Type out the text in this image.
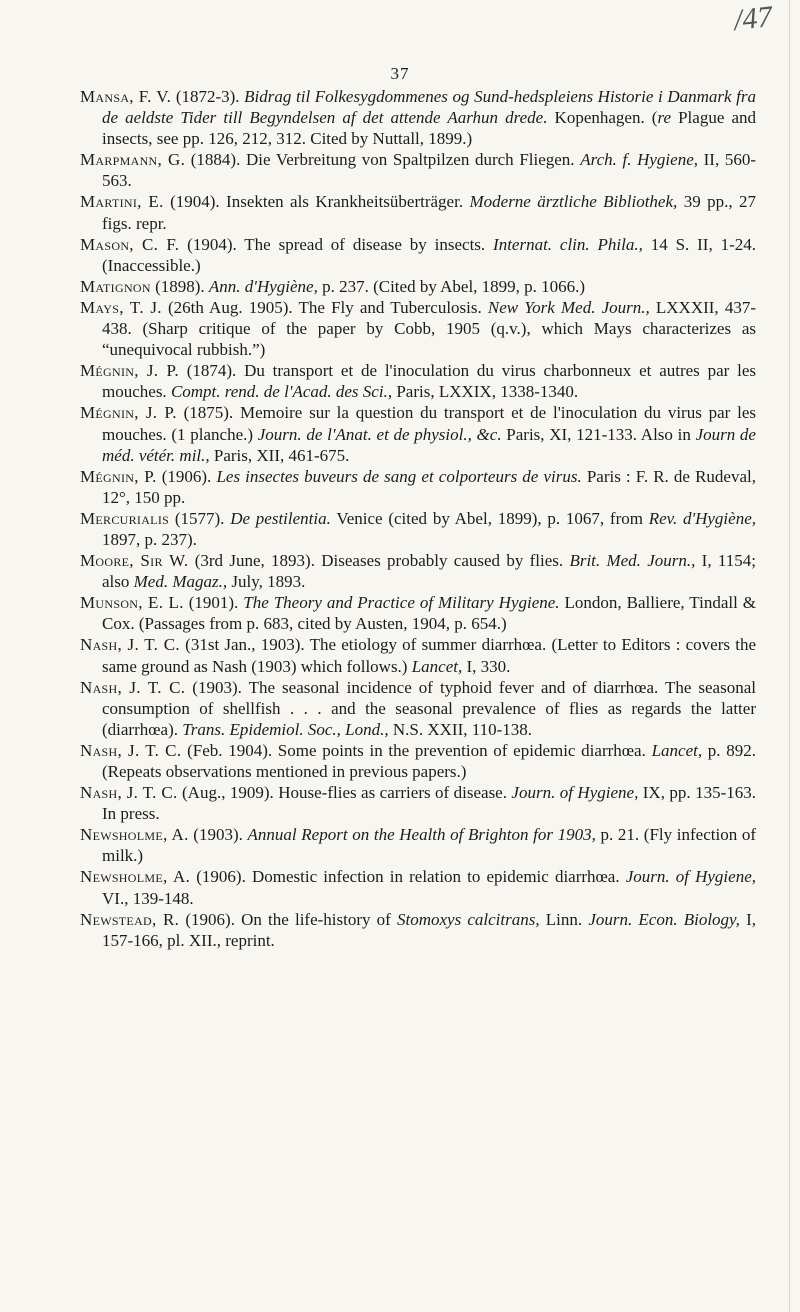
/47
37

Mansa, F. V. (1872-3). Bidrag til Folkesygdommenes og Sund-hedspleiens Historie i Danmark fra de aeldste Tider till Begyndelsen af det attende Aarhun drede. Kopenhagen. (re Plague and insects, see pp. 126, 212, 312. Cited by Nuttall, 1899.)

Marpmann, G. (1884). Die Verbreitung von Spaltpilzen durch Fliegen. Arch. f. Hygiene, II, 560-563.

Martini, E. (1904). Insekten als Krankheitsüberträger. Moderne ärztliche Bibliothek, 39 pp., 27 figs. repr.

Mason, C. F. (1904). The spread of disease by insects. Internat. clin. Phila., 14 S. II, 1-24. (Inaccessible.)

Matignon (1898). Ann. d'Hygiène, p. 237. (Cited by Abel, 1899, p. 1066.)

Mays, T. J. (26th Aug. 1905). The Fly and Tuberculosis. New York Med. Journ., LXXXII, 437-438. (Sharp critique of the paper by Cobb, 1905 (q.v.), which Mays characterizes as “unequivocal rubbish.”)

Mégnin, J. P. (1874). Du transport et de l'inoculation du virus charbonneux et autres par les mouches. Compt. rend. de l'Acad. des Sci., Paris, LXXIX, 1338-1340.

Mégnin, J. P. (1875). Memoire sur la question du transport et de l'inoculation du virus par les mouches. (1 planche.) Journ. de l'Anat. et de physiol., &c. Paris, XI, 121-133. Also in Journ de méd. vétér. mil., Paris, XII, 461-675.

Mégnin, P. (1906). Les insectes buveurs de sang et colporteurs de virus. Paris : F. R. de Rudeval, 12°, 150 pp.

Mercurialis (1577). De pestilentia. Venice (cited by Abel, 1899), p. 1067, from Rev. d'Hygiène, 1897, p. 237).

Moore, Sir W. (3rd June, 1893). Diseases probably caused by flies. Brit. Med. Journ., I, 1154; also Med. Magaz., July, 1893.

Munson, E. L. (1901). The Theory and Practice of Military Hygiene. London, Balliere, Tindall & Cox. (Passages from p. 683, cited by Austen, 1904, p. 654.)

Nash, J. T. C. (31st Jan., 1903). The etiology of summer diarrhœa. (Letter to Editors : covers the same ground as Nash (1903) which follows.) Lancet, I, 330.

Nash, J. T. C. (1903). The seasonal incidence of typhoid fever and of diarrhœa. The seasonal consumption of shellfish . . . and the seasonal prevalence of flies as regards the latter (diarrhœa). Trans. Epidemiol. Soc., Lond., N.S. XXII, 110-138.

Nash, J. T. C. (Feb. 1904). Some points in the prevention of epidemic diarrhœa. Lancet, p. 892. (Repeats observations mentioned in previous papers.)

Nash, J. T. C. (Aug., 1909). House-flies as carriers of disease. Journ. of Hygiene, IX, pp. 135-163. In press.

Newsholme, A. (1903). Annual Report on the Health of Brighton for 1903, p. 21. (Fly infection of milk.)

Newsholme, A. (1906). Domestic infection in relation to epidemic diarrhœa. Journ. of Hygiene, VI., 139-148.

Newstead, R. (1906). On the life-history of Stomoxys calcitrans, Linn. Journ. Econ. Biology, I, 157-166, pl. XII., reprint.
